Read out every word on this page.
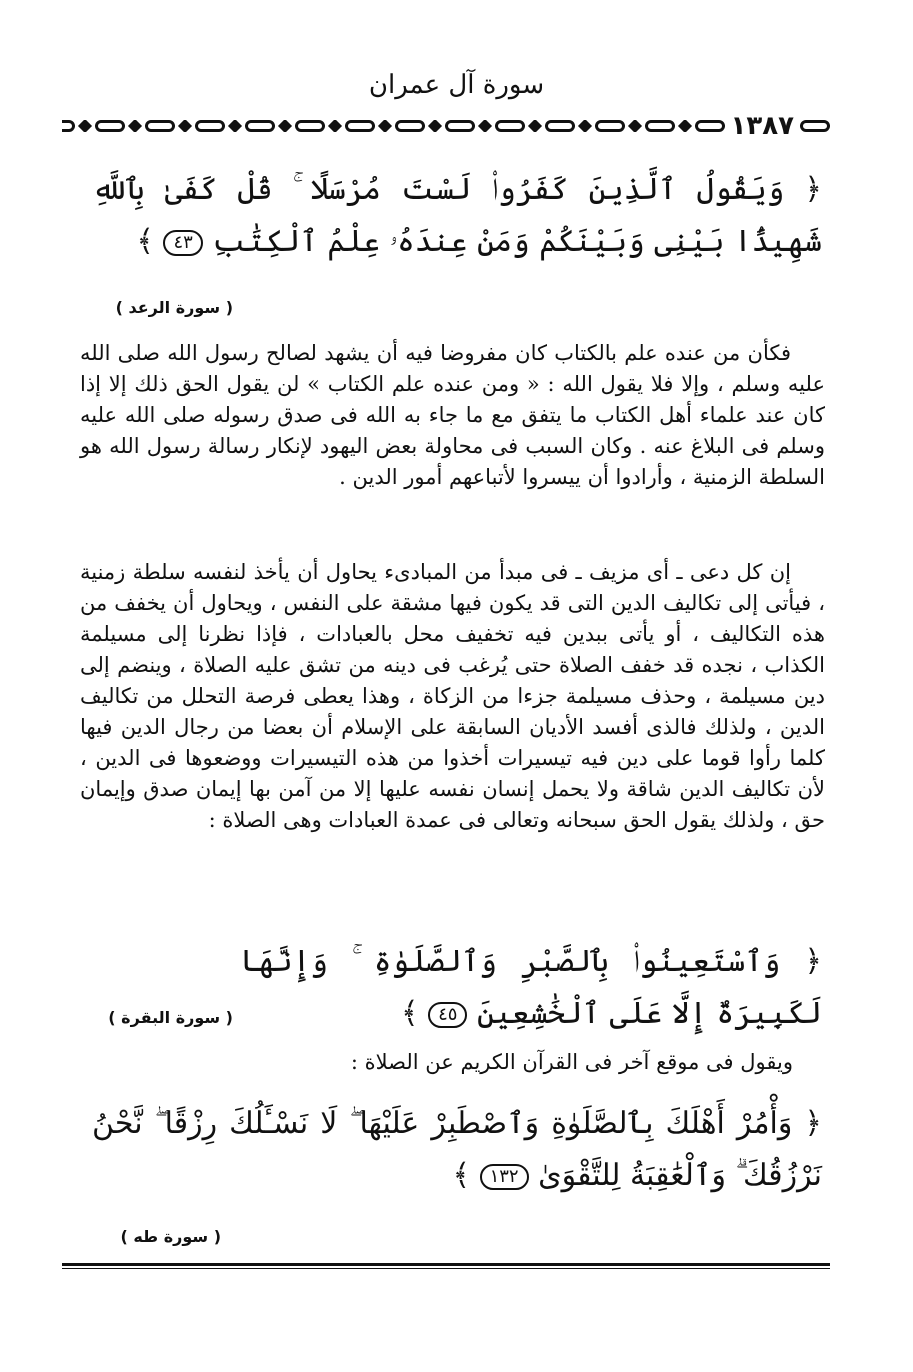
سورة آل عمران
١٣٨٧
﴿ وَيَقُولُ ٱلَّذِينَ كَفَرُوا۟ لَسْتَ مُرْسَلًا ۚ قُلْ كَفَىٰ بِٱللَّهِ شَهِيدًۢا بَيْنِى وَبَيْنَكُمْ وَمَنْ عِندَهُۥ عِلْمُ ٱلْكِتَٰبِ ٤٣ ﴾
( سورة الرعد )

فكأن من عنده علم بالكتاب كان مفروضا فيه أن يشهد لصالح رسول الله صلى الله عليه وسلم ، وإلا فلا يقول الله : « ومن عنده علم الكتاب » لن يقول الحق ذلك إلا إذا كان عند علماء أهل الكتاب ما يتفق مع ما جاء به الله فى صدق رسوله صلى الله عليه وسلم فى البلاغ عنه . وكان السبب فى محاولة بعض اليهود لإنكار رسالة رسول الله هو السلطة الزمنية ، وأرادوا أن ييسروا لأتباعهم أمور الدين .

إن كل دعى ـ أى مزيف ـ فى مبدأ من المبادىء يحاول أن يأخذ لنفسه سلطة زمنية ، فيأتى إلى تكاليف الدين التى قد يكون فيها مشقة على النفس ، ويحاول أن يخفف من هذه التكاليف ، أو يأتى ببدين فيه تخفيف محل بالعبادات ، فإذا نظرنا إلى مسيلمة الكذاب ، نجده قد خفف الصلاة حتى يُرغب فى دينه من تشق عليه الصلاة ، وينضم إلى دين مسيلمة ، وحذف مسيلمة جزءا من الزكاة ، وهذا يعطى فرصة التحلل من تكاليف الدين ، ولذلك فالذى أفسد الأديان السابقة على الإسلام أن بعضا من رجال الدين فيها كلما رأوا قوما على دين فيه تيسيرات أخذوا من هذه التيسيرات ووضعوها فى الدين ، لأن تكاليف الدين شاقة ولا يحمل إنسان نفسه عليها إلا من آمن بها إيمان صدق وإيمان حق ، ولذلك يقول الحق سبحانه وتعالى فى عمدة العبادات وهى الصلاة :

﴿ وَٱسْتَعِينُوا۟ بِٱلصَّبْرِ وَٱلصَّلَوٰةِ ۚ وَإِنَّهَا لَكَبِيرَةٌ إِلَّا عَلَى ٱلْخَٰشِعِينَ ٤٥ ﴾
( سورة البقرة )
ويقول فى موقع آخر فى القرآن الكريم عن الصلاة :
﴿ وَأْمُرْ أَهْلَكَ بِٱلصَّلَوٰةِ وَٱصْطَبِرْ عَلَيْهَا ۖ لَا نَسْـَٔلُكَ رِزْقًا ۖ نَّحْنُ نَرْزُقُكَ ۗ وَٱلْعَٰقِبَةُ لِلتَّقْوَىٰ ١٣٢ ﴾
( سورة طه )
